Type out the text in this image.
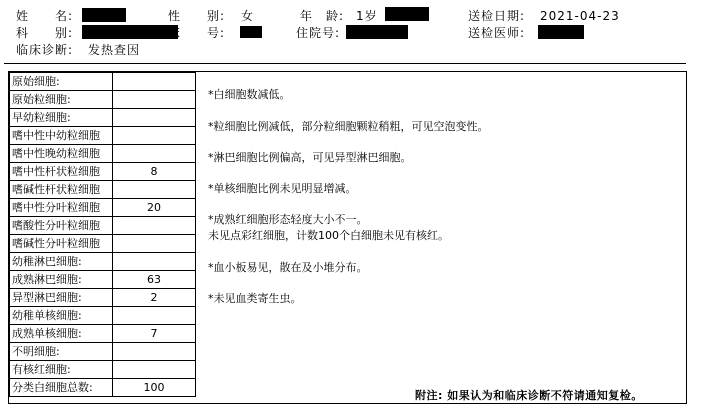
姓　　名:	性　　别: 女	年　龄: 1岁	送检日期: 2021-04-23
科　　别:	床　　号:	住院号:	送检医师:
临床诊断: 发热查因
原始细胞:	
原始粒细胞:	
早幼粒细胞:	
嗜中性中幼粒细胞	
嗜中性晚幼粒细胞	
嗜中性杆状粒细胞	8
嗜碱性杆状粒细胞	
嗜中性分叶粒细胞	20
嗜酸性分叶粒细胞	
嗜碱性分叶粒细胞	
幼稚淋巴细胞:	
成熟淋巴细胞:	63
异型淋巴细胞:	2
幼稚单核细胞:	
成熟单核细胞:	7
不明细胞:	
有核红细胞:	
分类白细胞总数:	100
*白细胞数减低。
*粒细胞比例减低，部分粒细胞颗粒稍粗，可见空泡变性。
*淋巴细胞比例偏高，可见异型淋巴细胞。
*单核细胞比例未见明显增减。
*成熟红细胞形态轻度大小不一。
未见点彩红细胞，计数100个白细胞未见有核红。
*血小板易见，散在及小堆分布。
*未见血类寄生虫。
附注: 如果认为和临床诊断不符请通知复检。
